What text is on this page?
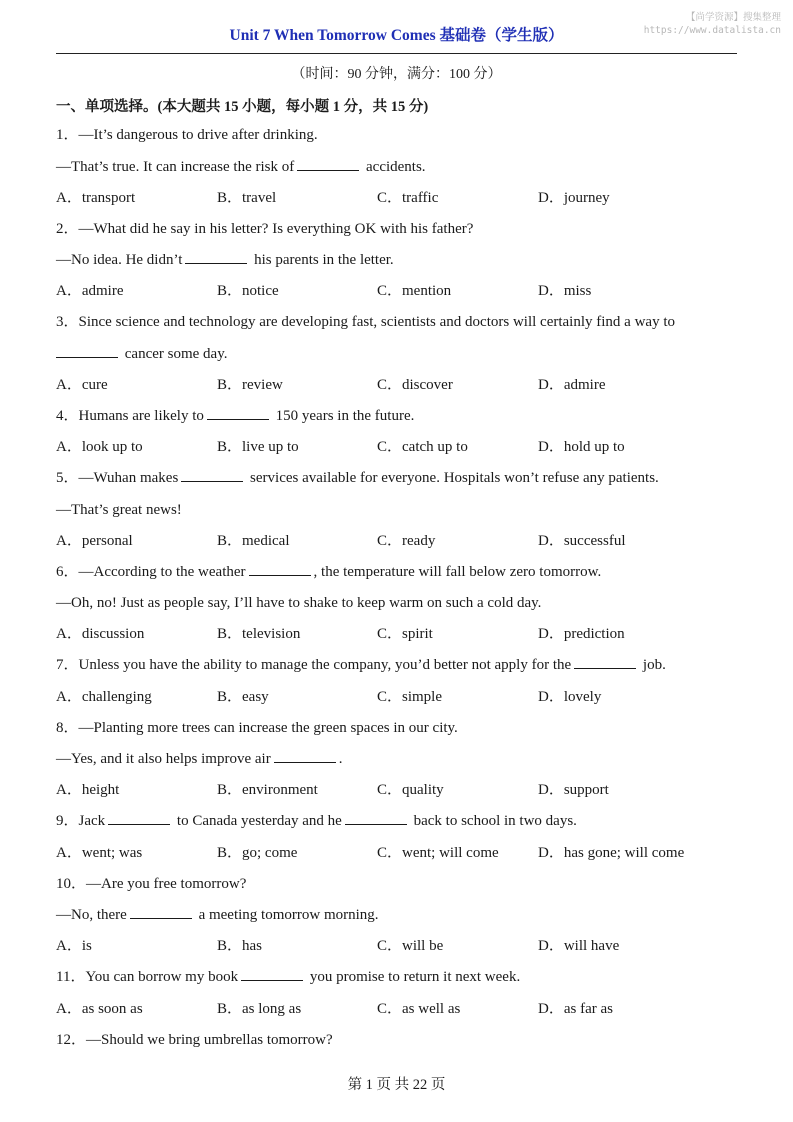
【尚学资源】搜集整理
https://www.datalista.cn
Unit 7 When Tomorrow Comes 基础卷（学生版）
（时间：90 分钟，满分：100 分）
一、单项选择。(本大题共 15 小题，每小题 1 分，共 15 分)
1．—It’s dangerous to drive after drinking.
—That’s true. It can increase the risk of	accidents.
A．transport	B．travel	C．traffic	D．journey
2．—What did he say in his letter? Is everything OK with his father?
—No idea. He didn’t	his parents in the letter.
A．admire	B．notice	C．mention	D．miss
3．Since science and technology are developing fast, scientists and doctors will certainly find a way to
cancer some day.
A．cure	B．review	C．discover	D．admire
4．Humans are likely to	150 years in the future.
A．look up to	B．live up to	C．catch up to	D．hold up to
5．—Wuhan makes	services available for everyone. Hospitals won’t refuse any patients.
—That’s great news!
A．personal	B．medical	C．ready	D．successful
6．—According to the weather	, the temperature will fall below zero tomorrow.
—Oh, no! Just as people say, I’ll have to shake to keep warm on such a cold day.
A．discussion	B．television	C．spirit	D．prediction
7．Unless you have the ability to manage the company, you’d better not apply for the	job.
A．challenging	B．easy	C．simple	D．lovely
8．—Planting more trees can increase the green spaces in our city.
—Yes, and it also helps improve air	.
A．height	B．environment	C．quality	D．support
9．Jack	to Canada yesterday and he	back to school in two days.
A．went; was	B．go; come	C．went; will come	D．has gone; will come
10．—Are you free tomorrow?
—No, there	a meeting tomorrow morning.
A．is	B．has	C．will be	D．will have
11．You can borrow my book	you promise to return it next week.
A．as soon as	B．as long as	C．as well as	D．as far as
12．—Should we bring umbrellas tomorrow?
第 1 页 共 22 页
